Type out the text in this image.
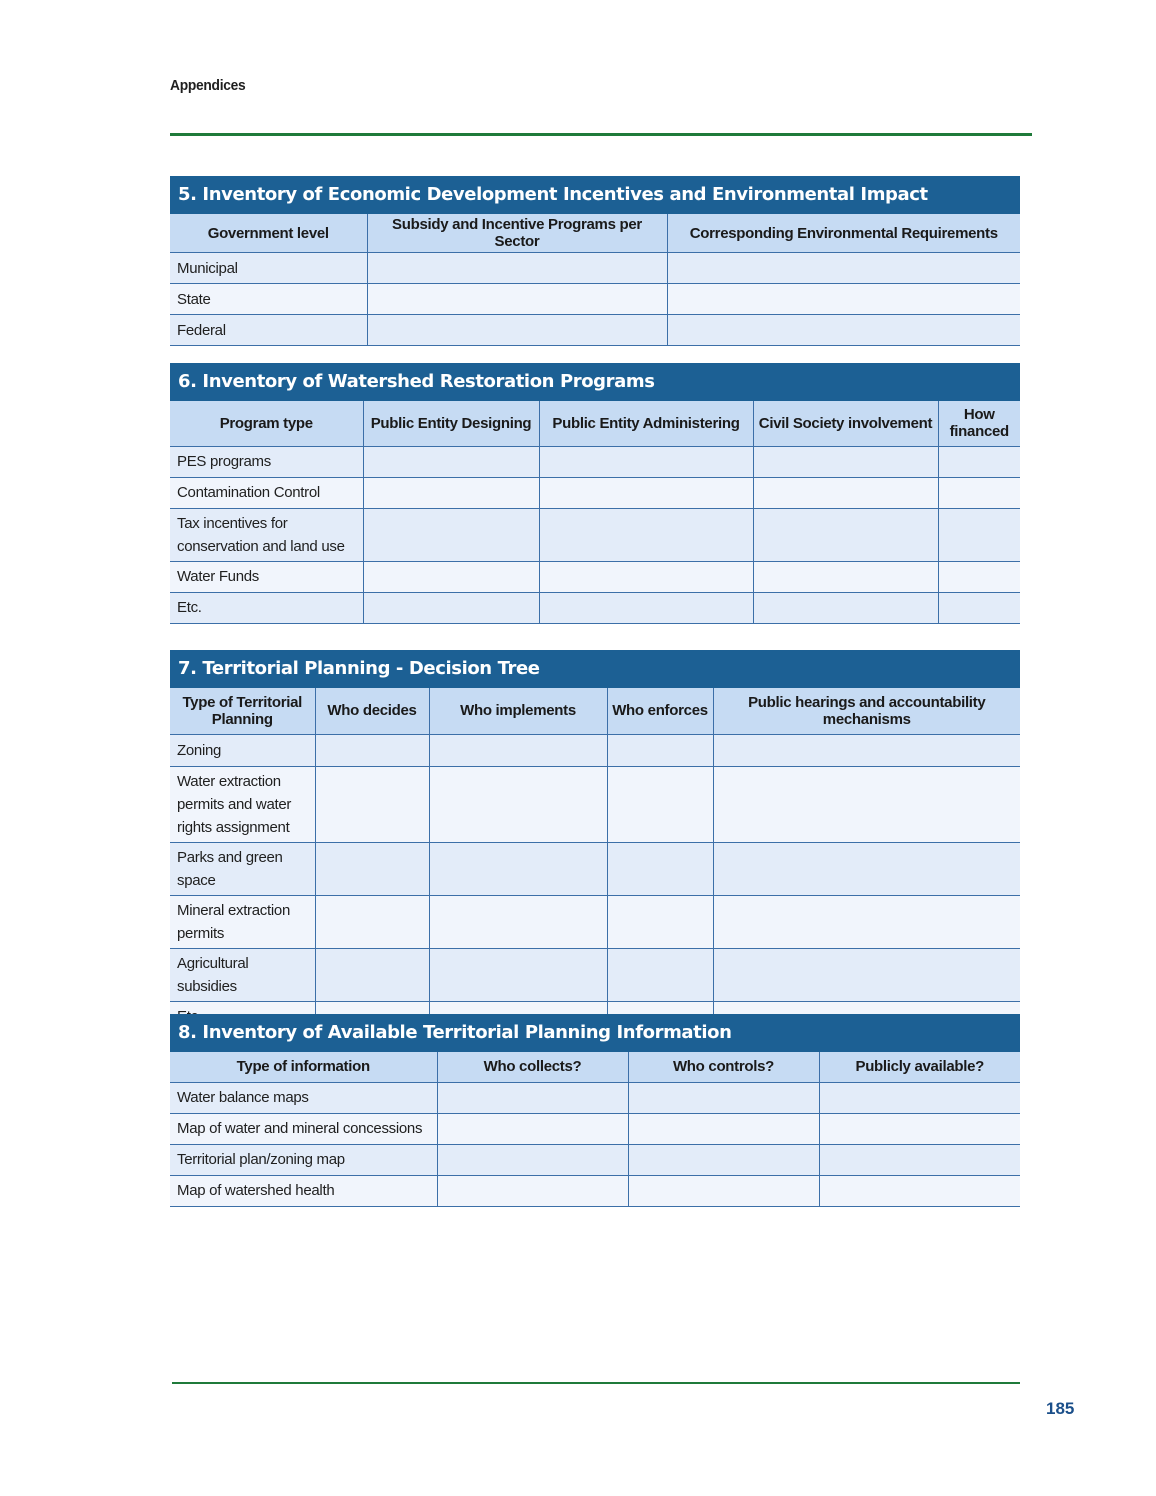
Appendices
5. Inventory of Economic Development Incentives and Environmental Impact
Government level	Subsidy and Incentive Programs per Sector	Corresponding Environmental Requirements
Municipal		
State		
Federal		
6. Inventory of Watershed Restoration Programs
Program type	Public Entity Designing	Public Entity Administering	Civil Society involvement	How financed
PES programs				
Contamination Control				
Tax incentives for conservation and land use				
Water Funds				
Etc.				
7. Territorial Planning - Decision Tree
Type of Territorial Planning	Who decides	Who implements	Who enforces	Public hearings and accountability mechanisms
Zoning				
Water extraction permits and water rights assignment				
Parks and green space				
Mineral extraction permits				
Agricultural subsidies				

8. Inventory of Available Territorial Planning Information
Type of information	Who collects?	Who controls?	Publicly available?
Water balance maps			
Map of water and mineral concessions			
Territorial plan/zoning map			
Map of watershed health			
185
